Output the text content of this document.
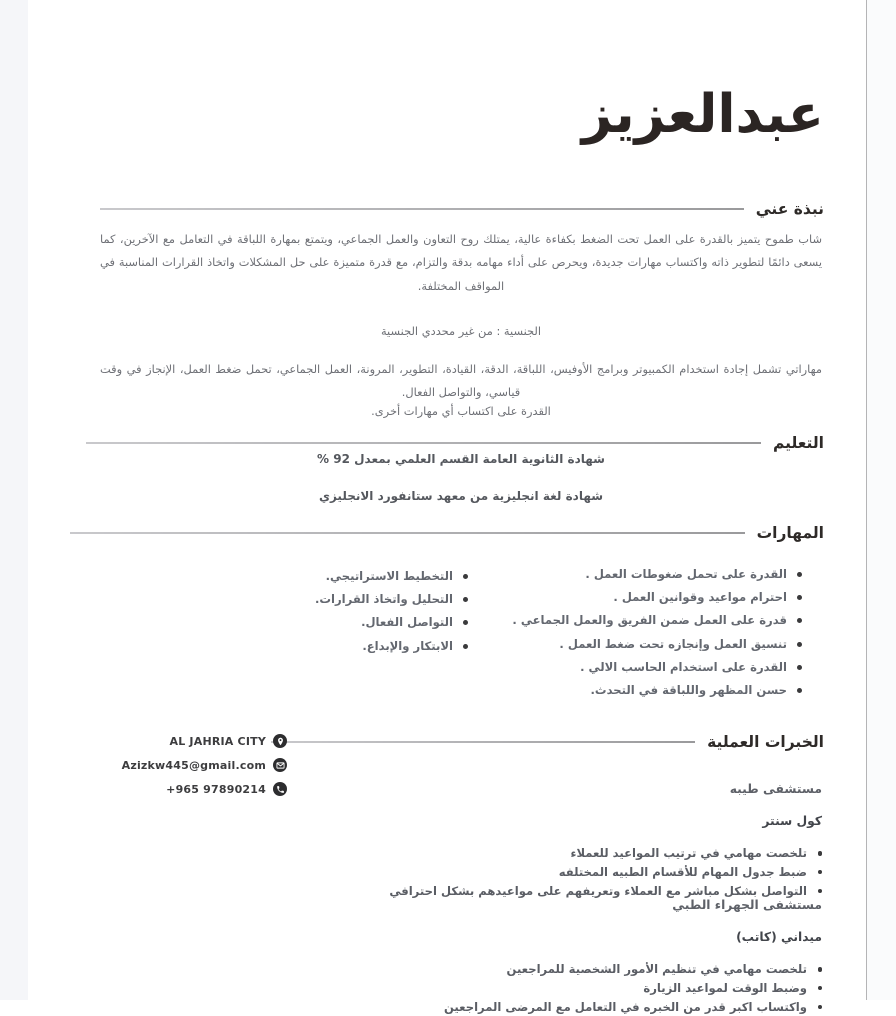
عبدالعزيز
نبذة عني
شاب طموح يتميز بالقدرة على العمل تحت الضغط بكفاءة عالية، يمتلك روح التعاون والعمل الجماعي، ويتمتع بمهارة اللباقة في التعامل مع الآخرين، كما يسعى دائمًا لتطوير ذاته واكتساب مهارات جديدة، ويحرص على أداء مهامه بدقة والتزام، مع قدرة متميزة على حل المشكلات واتخاذ القرارات المناسبة في المواقف المختلفة.
الجنسية : من غير محددي الجنسية
مهاراتي تشمل إجادة استخدام الكمبيوتر وبرامج الأوفيس، اللباقة، الدقة، القيادة، التطوير، المرونة، العمل الجماعي، تحمل ضغط العمل، الإنجاز في وقت قياسي، والتواصل الفعال.
القدرة على اكتساب أي مهارات أخرى.
التعليم
شهادة الثانوية العامة القسم العلمي بمعدل 92 %
شهادة لغة انجليزية من معهد ستانفورد الانجليزي
المهارات
القدرة على تحمل ضغوطات العمل .
احترام مواعيد وقوانين العمل .
قدرة على العمل ضمن الفريق والعمل الجماعي .
تنسيق العمل وإنجازه تحت ضغط العمل .
القدرة على استخدام الحاسب الالي .
حسن المظهر واللباقة في التحدث.
التخطيط الاستراتيجي.
التحليل واتخاذ القرارات.
التواصل الفعال.
الابتكار والإبداع.
الخبرات العملية
AL JAHRIA CITY
Azizkw445@gmail.com
+965 97890214	مستشفى طيبه
كول سنتر
تلخصت مهامي في ترتيب المواعيد للعملاء
ضبط جدول المهام للأقسام الطبيه المختلفه
التواصل بشكل مباشر مع العملاء وتعريفهم على مواعيدهم بشكل احترافي
مستشفى الجهراء الطبي
ميداني (كاتب)
تلخصت مهامي في تنظيم الأمور الشخصية للمراجعين
وضبط الوقت لمواعيد الزيارة
واكتساب اكبر قدر من الخبره في التعامل مع المرضى المراجعين
